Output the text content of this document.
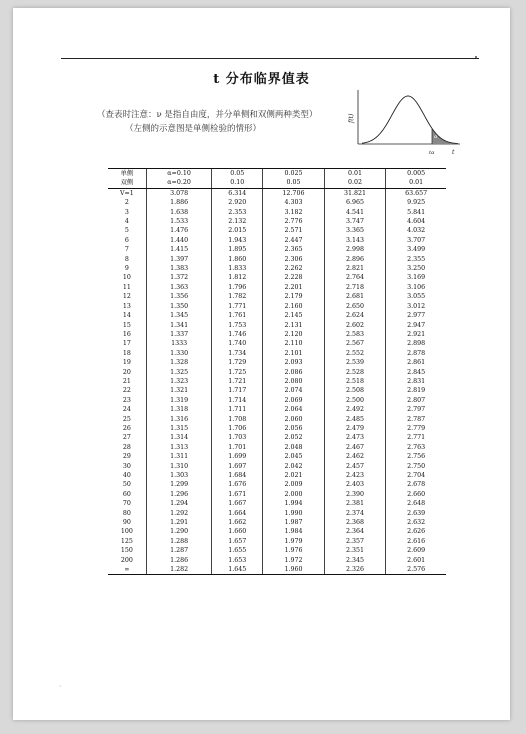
t 分布临界值表
（查表时注意：ν 是指自由度，并分单侧和双侧两种类型）
（左侧的示意图是单侧检验的情形）
f(t)
t
tα
α
单侧	α=0.10	0.05	0.025	0.01	0.005
双侧	α=0.20	0.10	0.05	0.02	0.01
V=1	3.078	6.314	12.706	31.821	63.657
2	1.886	2.920	4.303	6.965	9.925
3	1.638	2.353	3.182	4.541	5.841
4	1.533	2.132	2.776	3.747	4.604
5	1.476	2.015	2.571	3.365	4.032
6	1.440	1.943	2.447	3.143	3.707
7	1.415	1.895	2.365	2.998	3.499
8	1.397	1.860	2.306	2.896	2.355
9	1.383	1.833	2.262	2.821	3.250
10	1.372	1.812	2.228	2.764	3.169
11	1.363	1.796	2.201	2.718	3.106
12	1.356	1.782	2.179	2.681	3.055
13	1.350	1.771	2.160	2.650	3.012
14	1.345	1.761	2.145	2.624	2.977
15	1.341	1.753	2.131	2.602	2.947
16	1.337	1.746	2.120	2.583	2.921
17	1333	1.740	2.110	2.567	2.898
18	1.330	1.734	2.101	2.552	2.878
19	1.328	1.729	2.093	2.539	2.861
20	1.325	1.725	2.086	2.528	2.845
21	1.323	1.721	2.080	2.518	2.831
22	1.321	1.717	2.074	2.508	2.819
23	1.319	1.714	2.069	2.500	2.807
24	1.318	1.711	2.064	2.492	2.797
25	1.316	1.708	2.060	2.485	2.787
26	1.315	1.706	2.056	2.479	2.779
27	1.314	1.703	2.052	2.473	2.771
28	1.313	1.701	2.048	2.467	2.763
29	1.311	1.699	2.045	2.462	2.756
30	1.310	1.697	2.042	2.457	2.750
40	1.303	1.684	2.021	2.423	2.704
50	1.299	1.676	2.009	2.403	2.678
60	1.296	1.671	2.000	2.390	2.660
70	1.294	1.667	1.994	2.381	2.648
80	1.292	1.664	1.990	2.374	2.639
90	1.291	1.662	1.987	2.368	2.632
100	1.290	1.660	1.984	2.364	2.626
125	1.288	1.657	1.979	2.357	2.616
150	1.287	1.655	1.976	2.351	2.609
200	1.286	1.653	1.972	2.345	2.601
∞	1.282	1.645	1.960	2.326	2.576
·
